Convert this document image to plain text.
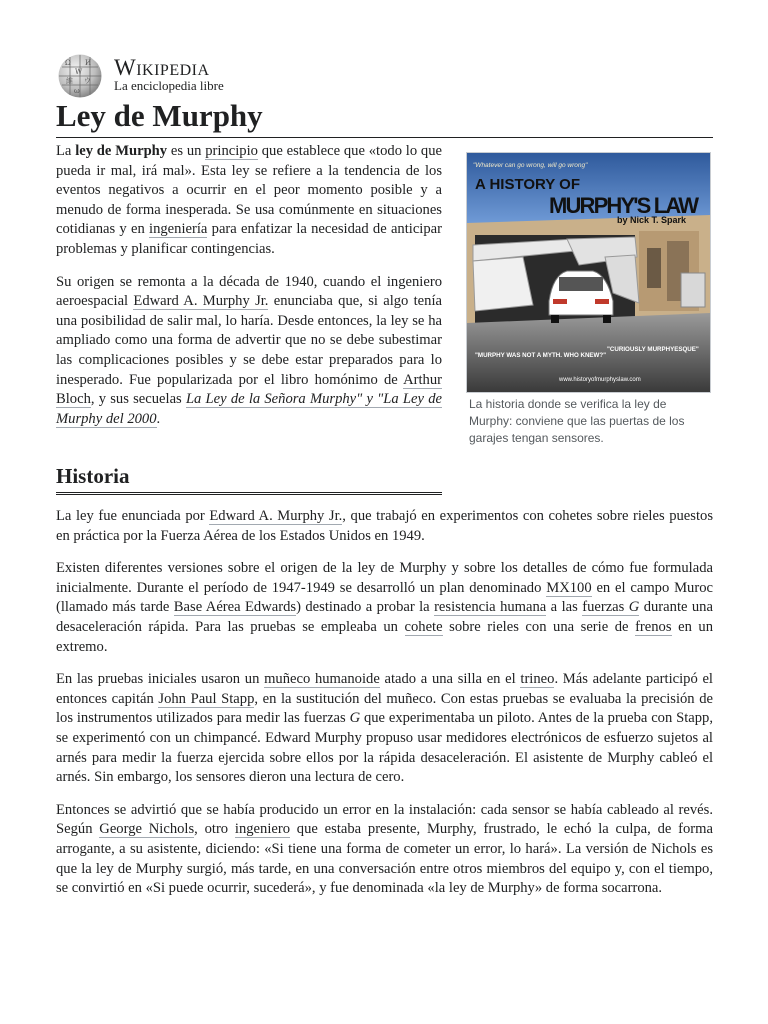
Ω
W
И
維 ウ
ω
Wikipedia
La enciclopedia libre
Ley de Murphy

La ley de Murphy es un principio que establece que «todo lo que pueda ir mal, irá mal». Esta ley se refiere a la tendencia de los eventos negativos a ocurrir en el peor momento posible y a menudo de forma inesperada. Se usa comúnmente en situaciones cotidianas y en ingeniería para enfatizar la necesidad de anticipar problemas y planificar contingencias.

Su origen se remonta a la década de 1940, cuando el ingeniero aeroespacial Edward A. Murphy Jr. enunciaba que, si algo tenía una posibilidad de salir mal, lo haría. Desde entonces, la ley se ha ampliado como una forma de advertir que no se debe subestimar las complicaciones posibles y se debe estar preparados para lo inesperado. Fue popularizada por el libro homónimo de Arthur Bloch, y sus secuelas La Ley de la Señora Murphy" y "La Ley de Murphy del 2000.

"Whatever can go wrong, will go wrong"
A HISTORY OF
MURPHY'S LAW
by Nick T. Spark
"MURPHY WAS NOT A MYTH. WHO KNEW?"
"CURIOUSLY MURPHYESQUE"
www.historyofmurphyslaw.com
La historia donde se verifica la ley de Murphy: conviene que las puertas de los garajes tengan sensores.
Historia

La ley fue enunciada por Edward A. Murphy Jr., que trabajó en experimentos con cohetes sobre rieles puestos en práctica por la Fuerza Aérea de los Estados Unidos en 1949.

Existen diferentes versiones sobre el origen de la ley de Murphy y sobre los detalles de cómo fue formulada inicialmente. Durante el período de 1947-1949 se desarrolló un plan denominado MX100 en el campo Muroc (llamado más tarde Base Aérea Edwards) destinado a probar la resistencia humana a las fuerzas G durante una desaceleración rápida. Para las pruebas se empleaba un cohete sobre rieles con una serie de frenos en un extremo.

En las pruebas iniciales usaron un muñeco humanoide atado a una silla en el trineo. Más adelante participó el entonces capitán John Paul Stapp, en la sustitución del muñeco. Con estas pruebas se evaluaba la precisión de los instrumentos utilizados para medir las fuerzas G que experimentaba un piloto. Antes de la prueba con Stapp, se experimentó con un chimpancé. Edward Murphy propuso usar medidores electrónicos de esfuerzo sujetos al arnés para medir la fuerza ejercida sobre ellos por la rápida desaceleración. El asistente de Murphy cableó el arnés. Sin embargo, los sensores dieron una lectura de cero.

Entonces se advirtió que se había producido un error en la instalación: cada sensor se había cableado al revés. Según George Nichols, otro ingeniero que estaba presente, Murphy, frustrado, le echó la culpa, de forma arrogante, a su asistente, diciendo: «Si tiene una forma de cometer un error, lo hará». La versión de Nichols es que la ley de Murphy surgió, más tarde, en una conversación entre otros miembros del equipo y, con el tiempo, se convirtió en «Si puede ocurrir, sucederá», y fue denominada «la ley de Murphy» de forma socarrona.
